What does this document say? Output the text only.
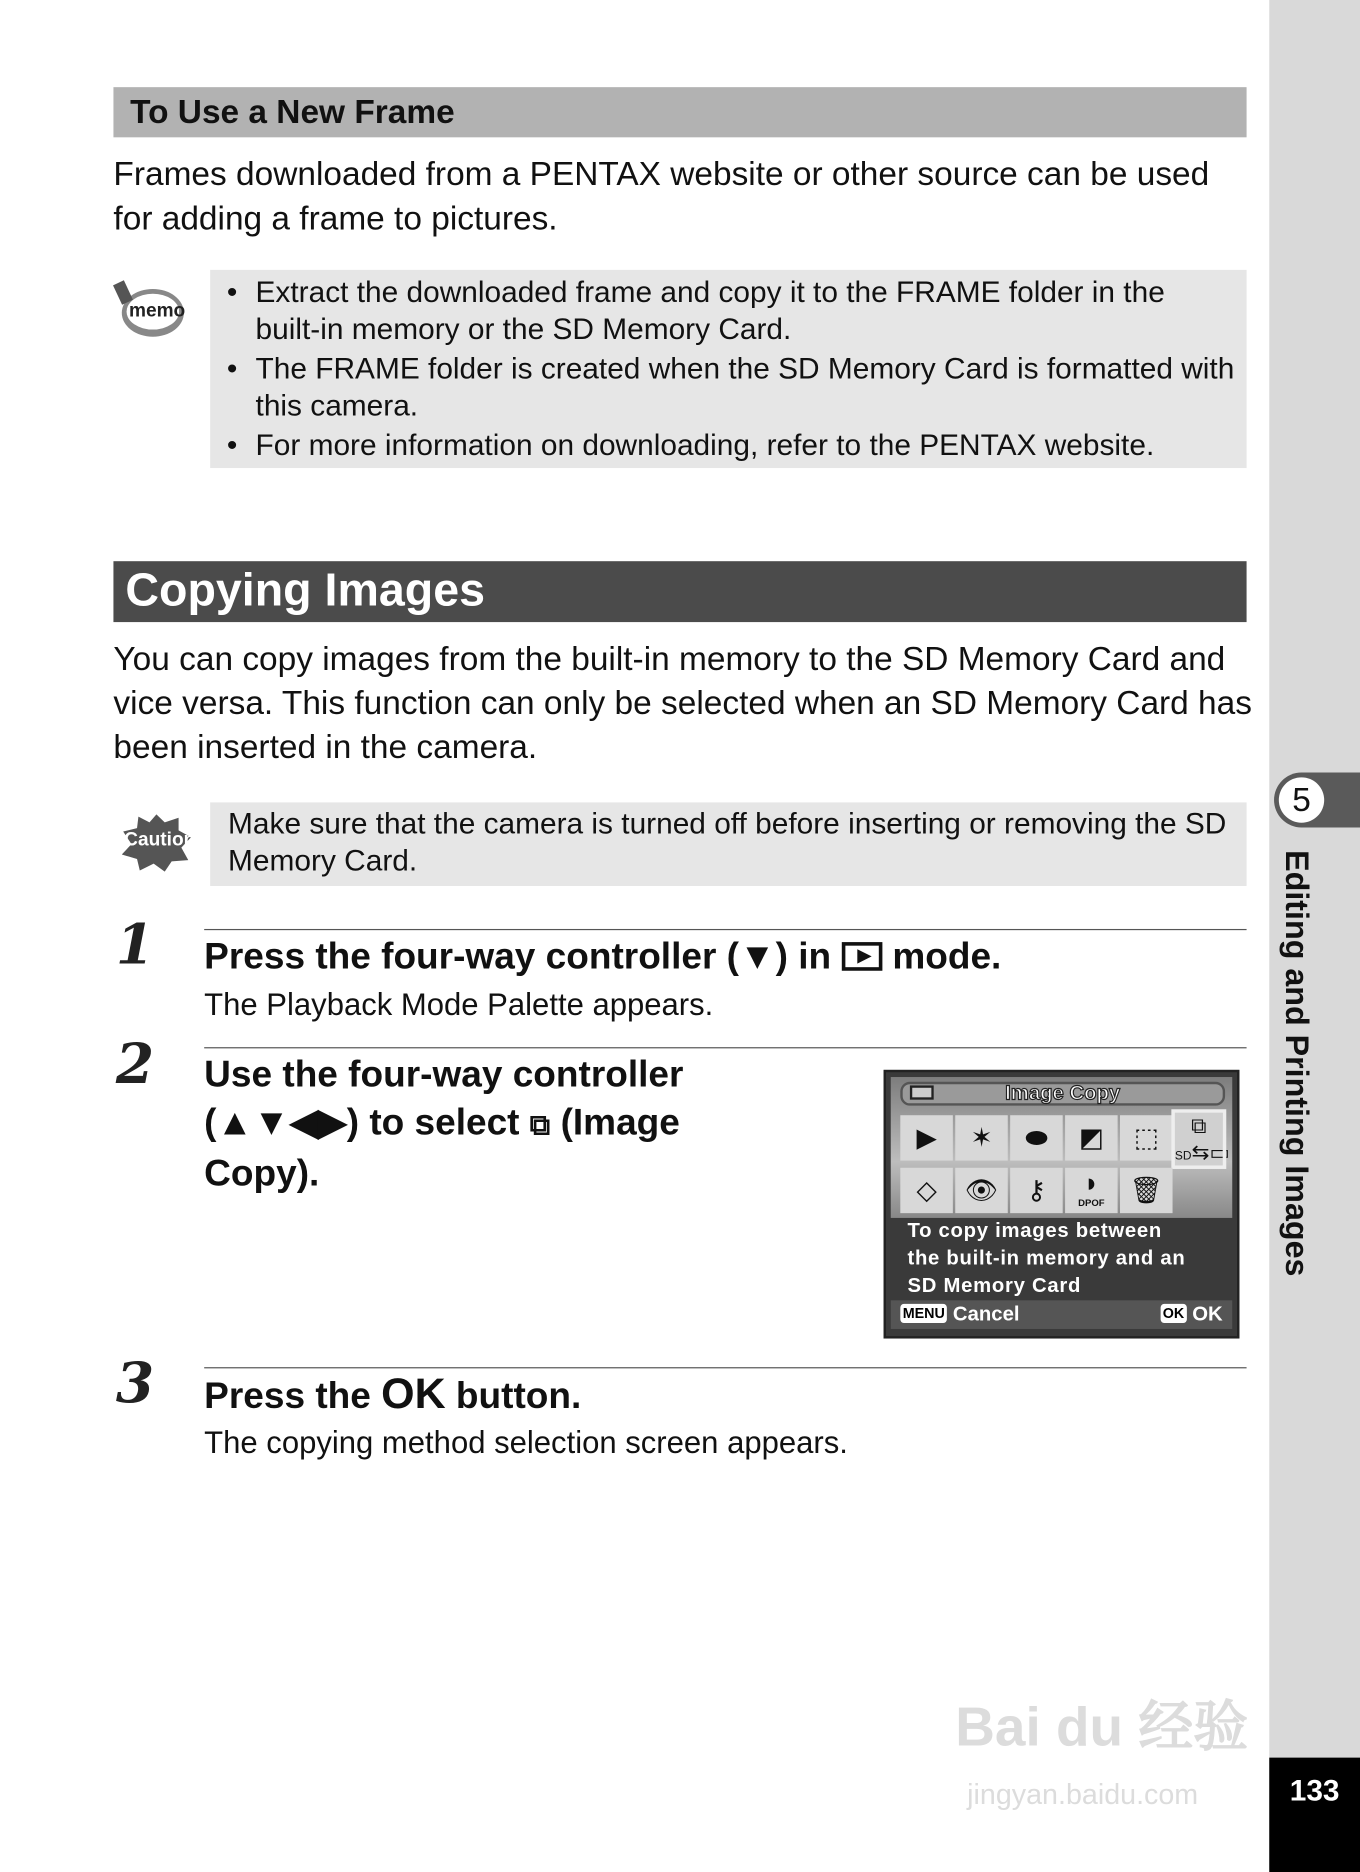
5
Editing and Printing Images
133
To Use a New Frame
Frames downloaded from a PENTAX website or other source can be used for adding a frame to pictures.
memo
• Extract the downloaded frame and copy it to the FRAME folder in the built-in memory or the SD Memory Card.
• The FRAME folder is created when the SD Memory Card is formatted with this camera.
• For more information on downloading, refer to the PENTAX website.
Copying Images
You can copy images from the built-in memory to the SD Memory Card and vice versa. This function can only be selected when an SD Memory Card has been inserted in the camera.
Caution	Make sure that the camera is turned off before inserting or removing the SD Memory Card.
1 Press the four-way controller (▼) in mode.
The Playback Mode Palette appears.
2 Use the four-way controller
(▲▼◀▶) to select ⧉ (Image
Copy).
Image Copy
▶	✶	⬬	◩	⬚	⧉
SD⇆▭
◇	👁	⚷	◗
DPOF	🗑
To copy images between
the built-in memory and an
SD Memory Card
MENU Cancel	OK OK
3 Press the OK button.
The copying method selection screen appears.
Bai du 经验
jingyan.baidu.com
